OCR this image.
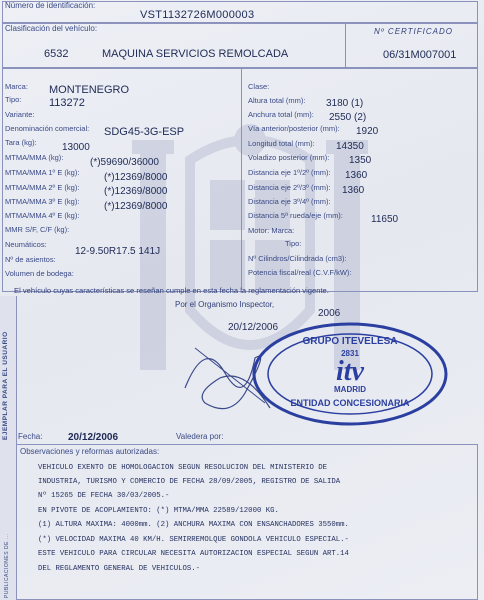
Número de identificación:
VST1132726M000003
Clasificación del vehículo:
6532	MAQUINA SERVICIOS REMOLCADA
Nº CERTIFICADO
06/31M007001
Marca: MONTENEGRO
Tipo:	113272
Variante:
Denominación comercial: SDG45-3G-ESP
Tara (kg):	13000
MTMA/MMA (kg):	(*)59690/36000
MTMA/MMA 1º E (kg): (*)12369/8000
MTMA/MMA 2º E (kg): (*)12369/8000
MTMA/MMA 3º E (kg): (*)12369/8000
MTMA/MMA 4º E (kg):
MMR S/F, C/F (kg):
Neumáticos:
12-9.50R17.5 141J
Nº de asientos:
Volumen de bodega:
Clase:
Altura total (mm): 3180 (1)
Anchura total (mm): 2550 (2)
Vía anterior/posterior (mm): 1920
Longitud total (mm): 14350
Voladizo posterior (mm): 1350
Distancia eje 1º/2º (mm): 1360
Distancia eje 2º/3º (mm): 1360
Distancia eje 3º/4º (mm):
Distancia 5ª rueda/eje (mm):	11650
Motor: Marca:
Tipo:
Nº Cilindros/Cilindrada (cm3):
Potencia fiscal/real (C.V.F/kW):
El vehículo cuyas características se reseñan cumple en esta fecha la reglamentación vigente.
Por el Organismo Inspector,
2006
20/12/2006
GRUPO ITEVELESA
2831
itv
MADRID
ENTIDAD CONCESIONARIA
EJEMPLAR PARA EL USUARIO
PUBLICACIONES DE ...
Fecha:	20/12/2006	Valedera por:
Observaciones y reformas autorizadas:
VEHICULO EXENTO DE HOMOLOGACION SEGUN RESOLUCION DEL MINISTERIO DE
INDUSTRIA, TURISMO Y COMERCIO DE FECHA 28/09/2005, REGISTRO DE SALIDA
Nº 15265 DE FECHA 30/03/2005.-
EN PIVOTE DE ACOPLAMIENTO: (*) MTMA/MMA 22589/12000 KG.
(1) ALTURA MAXIMA: 4000mm. (2) ANCHURA MAXIMA CON ENSANCHADORES 3550mm.
(*) VELOCIDAD MAXIMA 40 KM/H. SEMIRREMOLQUE GONDOLA VEHICULO ESPECIAL.-
ESTE VEHICULO PARA CIRCULAR NECESITA AUTORIZACION ESPECIAL SEGUN ART.14
DEL REGLAMENTO GENERAL DE VEHICULOS.-
